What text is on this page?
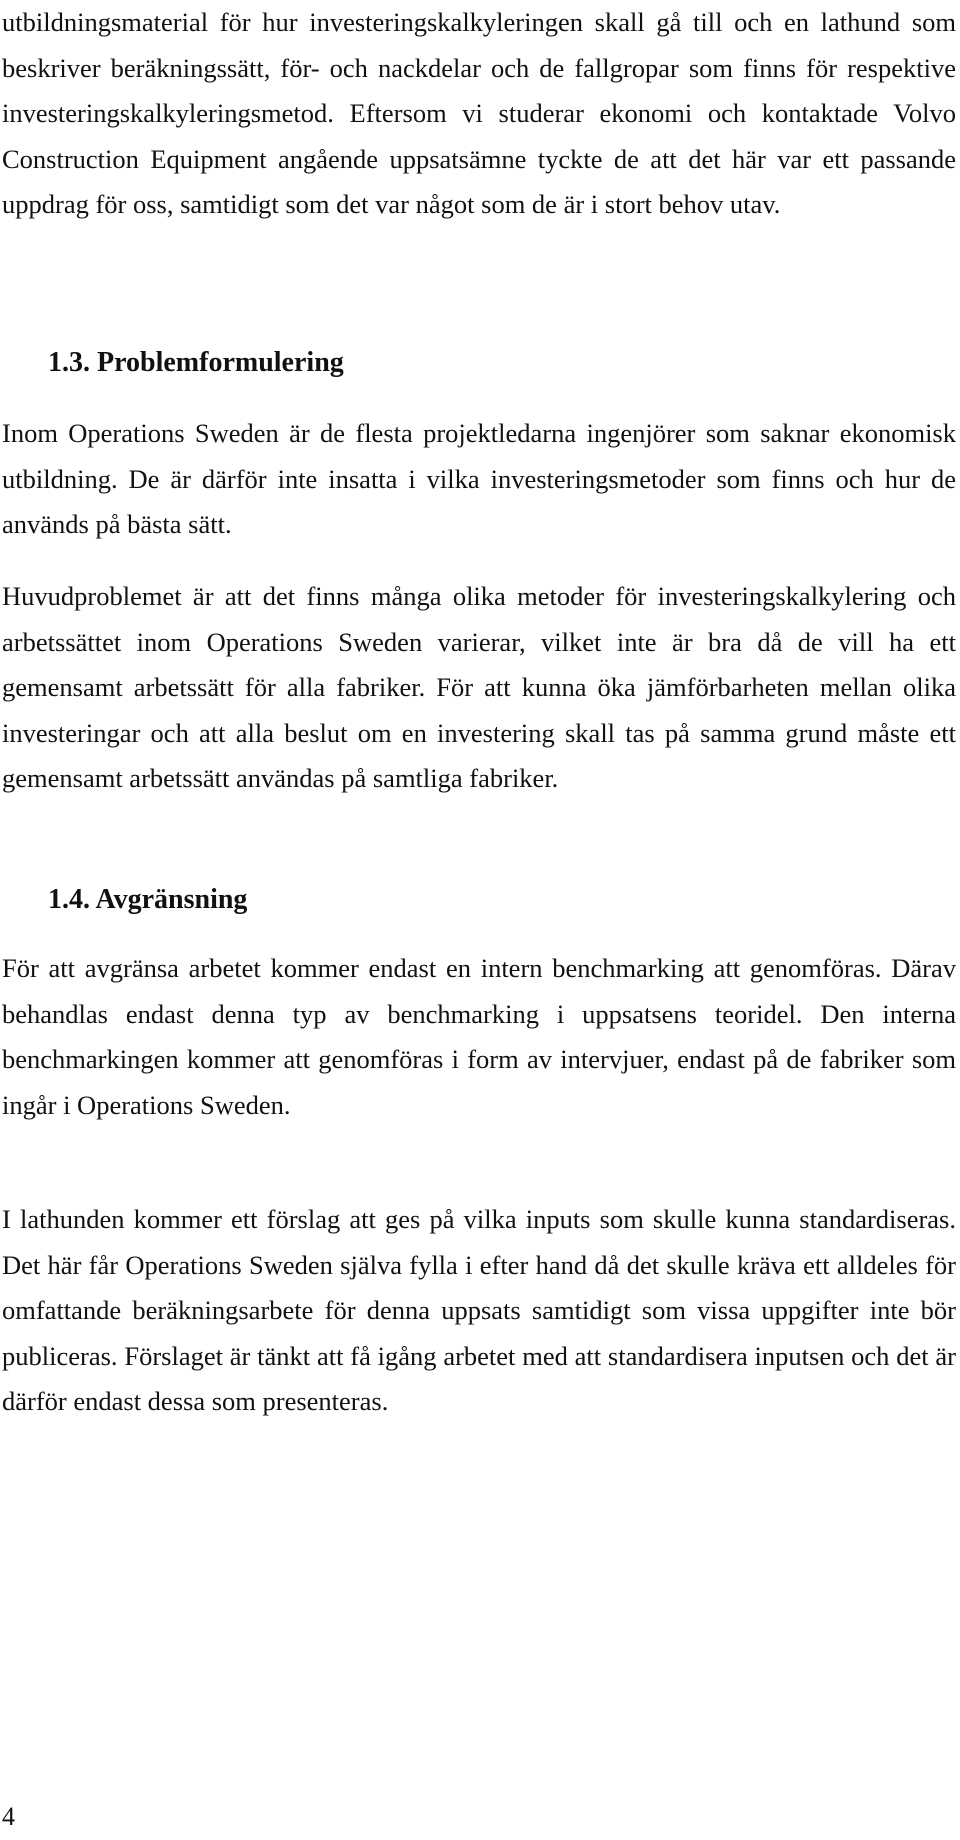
utbildningsmaterial för hur investeringskalkyleringen skall gå till och en lathund som beskriver beräkningssätt, för- och nackdelar och de fallgropar som finns för respektive investeringskalkyleringsmetod. Eftersom vi studerar ekonomi och kontaktade Volvo Construction Equipment angående uppsatsämne tyckte de att det här var ett passande uppdrag för oss, samtidigt som det var något som de är i stort behov utav.

1.3. Problemformulering

Inom Operations Sweden är de flesta projektledarna ingenjörer som saknar ekonomisk utbildning. De är därför inte insatta i vilka investeringsmetoder som finns och hur de används på bästa sätt.

Huvudproblemet är att det finns många olika metoder för investeringskalkylering och arbetssättet inom Operations Sweden varierar, vilket inte är bra då de vill ha ett gemensamt arbetssätt för alla fabriker. För att kunna öka jämförbarheten mellan olika investeringar och att alla beslut om en investering skall tas på samma grund måste ett gemensamt arbetssätt användas på samtliga fabriker.

1.4. Avgränsning

För att avgränsa arbetet kommer endast en intern benchmarking att genomföras. Därav behandlas endast denna typ av benchmarking i uppsatsens teoridel. Den interna benchmarkingen kommer att genomföras i form av intervjuer, endast på de fabriker som ingår i Operations Sweden.

I lathunden kommer ett förslag att ges på vilka inputs som skulle kunna standardiseras. Det här får Operations Sweden själva fylla i efter hand då det skulle kräva ett alldeles för omfattande beräkningsarbete för denna uppsats samtidigt som vissa uppgifter inte bör publiceras. Förslaget är tänkt att få igång arbetet med att standardisera inputsen och det är därför endast dessa som presenteras.

4
